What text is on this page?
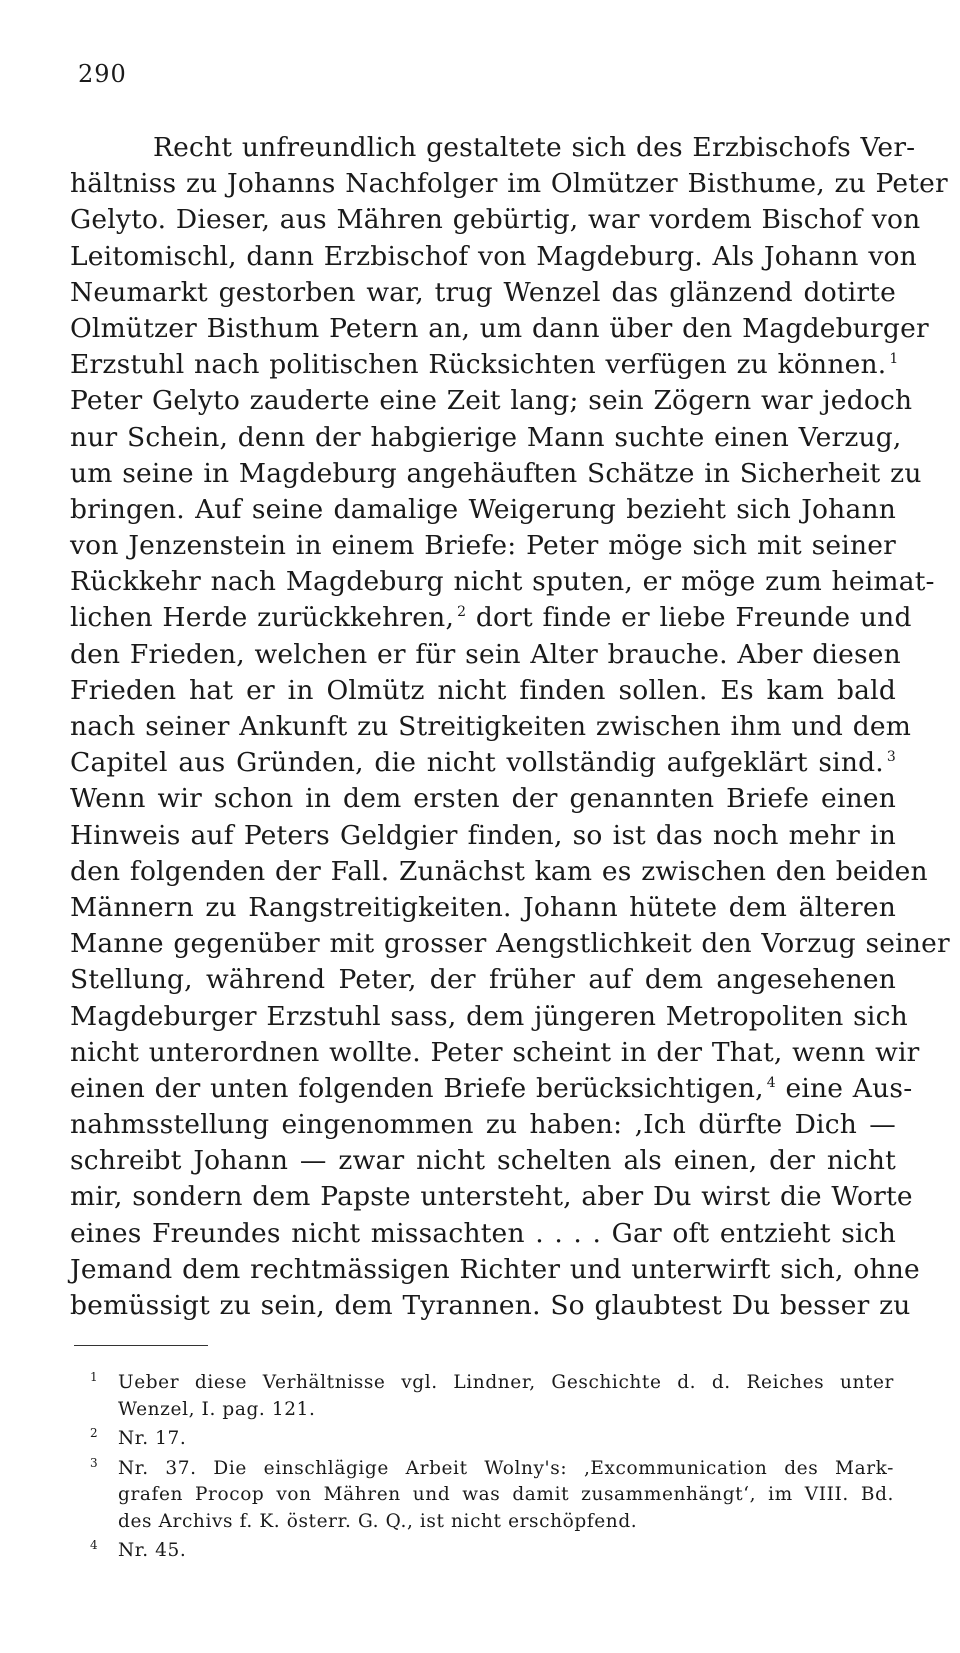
290
Recht unfreundlich gestaltete sich des Erzbischofs Ver-
hältniss zu Johanns Nachfolger im Olmützer Bisthume, zu Peter
Gelyto. Dieser, aus Mähren gebürtig, war vordem Bischof von
Leitomischl, dann Erzbischof von Magdeburg. Als Johann von
Neumarkt gestorben war, trug Wenzel das glänzend dotirte
Olmützer Bisthum Petern an, um dann über den Magdeburger
Erzstuhl nach politischen Rücksichten verfügen zu können. $^1$
Peter Gelyto zauderte eine Zeit lang; sein Zögern war jedoch
nur Schein, denn der habgierige Mann suchte einen Verzug,
um seine in Magdeburg angehäuften Schätze in Sicherheit zu
bringen. Auf seine damalige Weigerung bezieht sich Johann
von Jenzenstein in einem Briefe: Peter möge sich mit seiner
Rückkehr nach Magdeburg nicht sputen, er möge zum heimat-
lichen Herde zurückkehren, $^2$ dort finde er liebe Freunde und
den Frieden, welchen er für sein Alter brauche. Aber diesen
Frieden hat er in Olmütz nicht finden sollen. Es kam bald
nach seiner Ankunft zu Streitigkeiten zwischen ihm und dem
Capitel aus Gründen, die nicht vollständig aufgeklärt sind. $^3$
Wenn wir schon in dem ersten der genannten Briefe einen
Hinweis auf Peters Geldgier finden, so ist das noch mehr in
den folgenden der Fall. Zunächst kam es zwischen den beiden
Männern zu Rangstreitigkeiten. Johann hütete dem älteren
Manne gegenüber mit grosser Aengstlichkeit den Vorzug seiner
Stellung, während Peter, der früher auf dem angesehenen
Magdeburger Erzstuhl sass, dem jüngeren Metropoliten sich
nicht unterordnen wollte. Peter scheint in der That, wenn wir
einen der unten folgenden Briefe berücksichtigen, $^4$ eine Aus-
nahmsstellung eingenommen zu haben: ‚Ich dürfte Dich —
schreibt Johann — zwar nicht schelten als einen, der nicht
mir, sondern dem Papste untersteht, aber Du wirst die Worte
eines Freundes nicht missachten . . . . Gar oft entzieht sich
Jemand dem rechtmässigen Richter und unterwirft sich, ohne
bemüssigt zu sein, dem Tyrannen. So glaubtest Du besser zu
1 Ueber diese Verhältnisse vgl. Lindner, Geschichte d. d. Reiches unter
Wenzel, I. pag. 121.
2 Nr. 17.
3 Nr. 37. Die einschlägige Arbeit Wolny's: ‚Excommunication des Mark-
grafen Procop von Mähren und was damit zusammenhängt‘, im VIII. Bd.
des Archivs f. K. österr. G. Q., ist nicht erschöpfend.
4 Nr. 45.
